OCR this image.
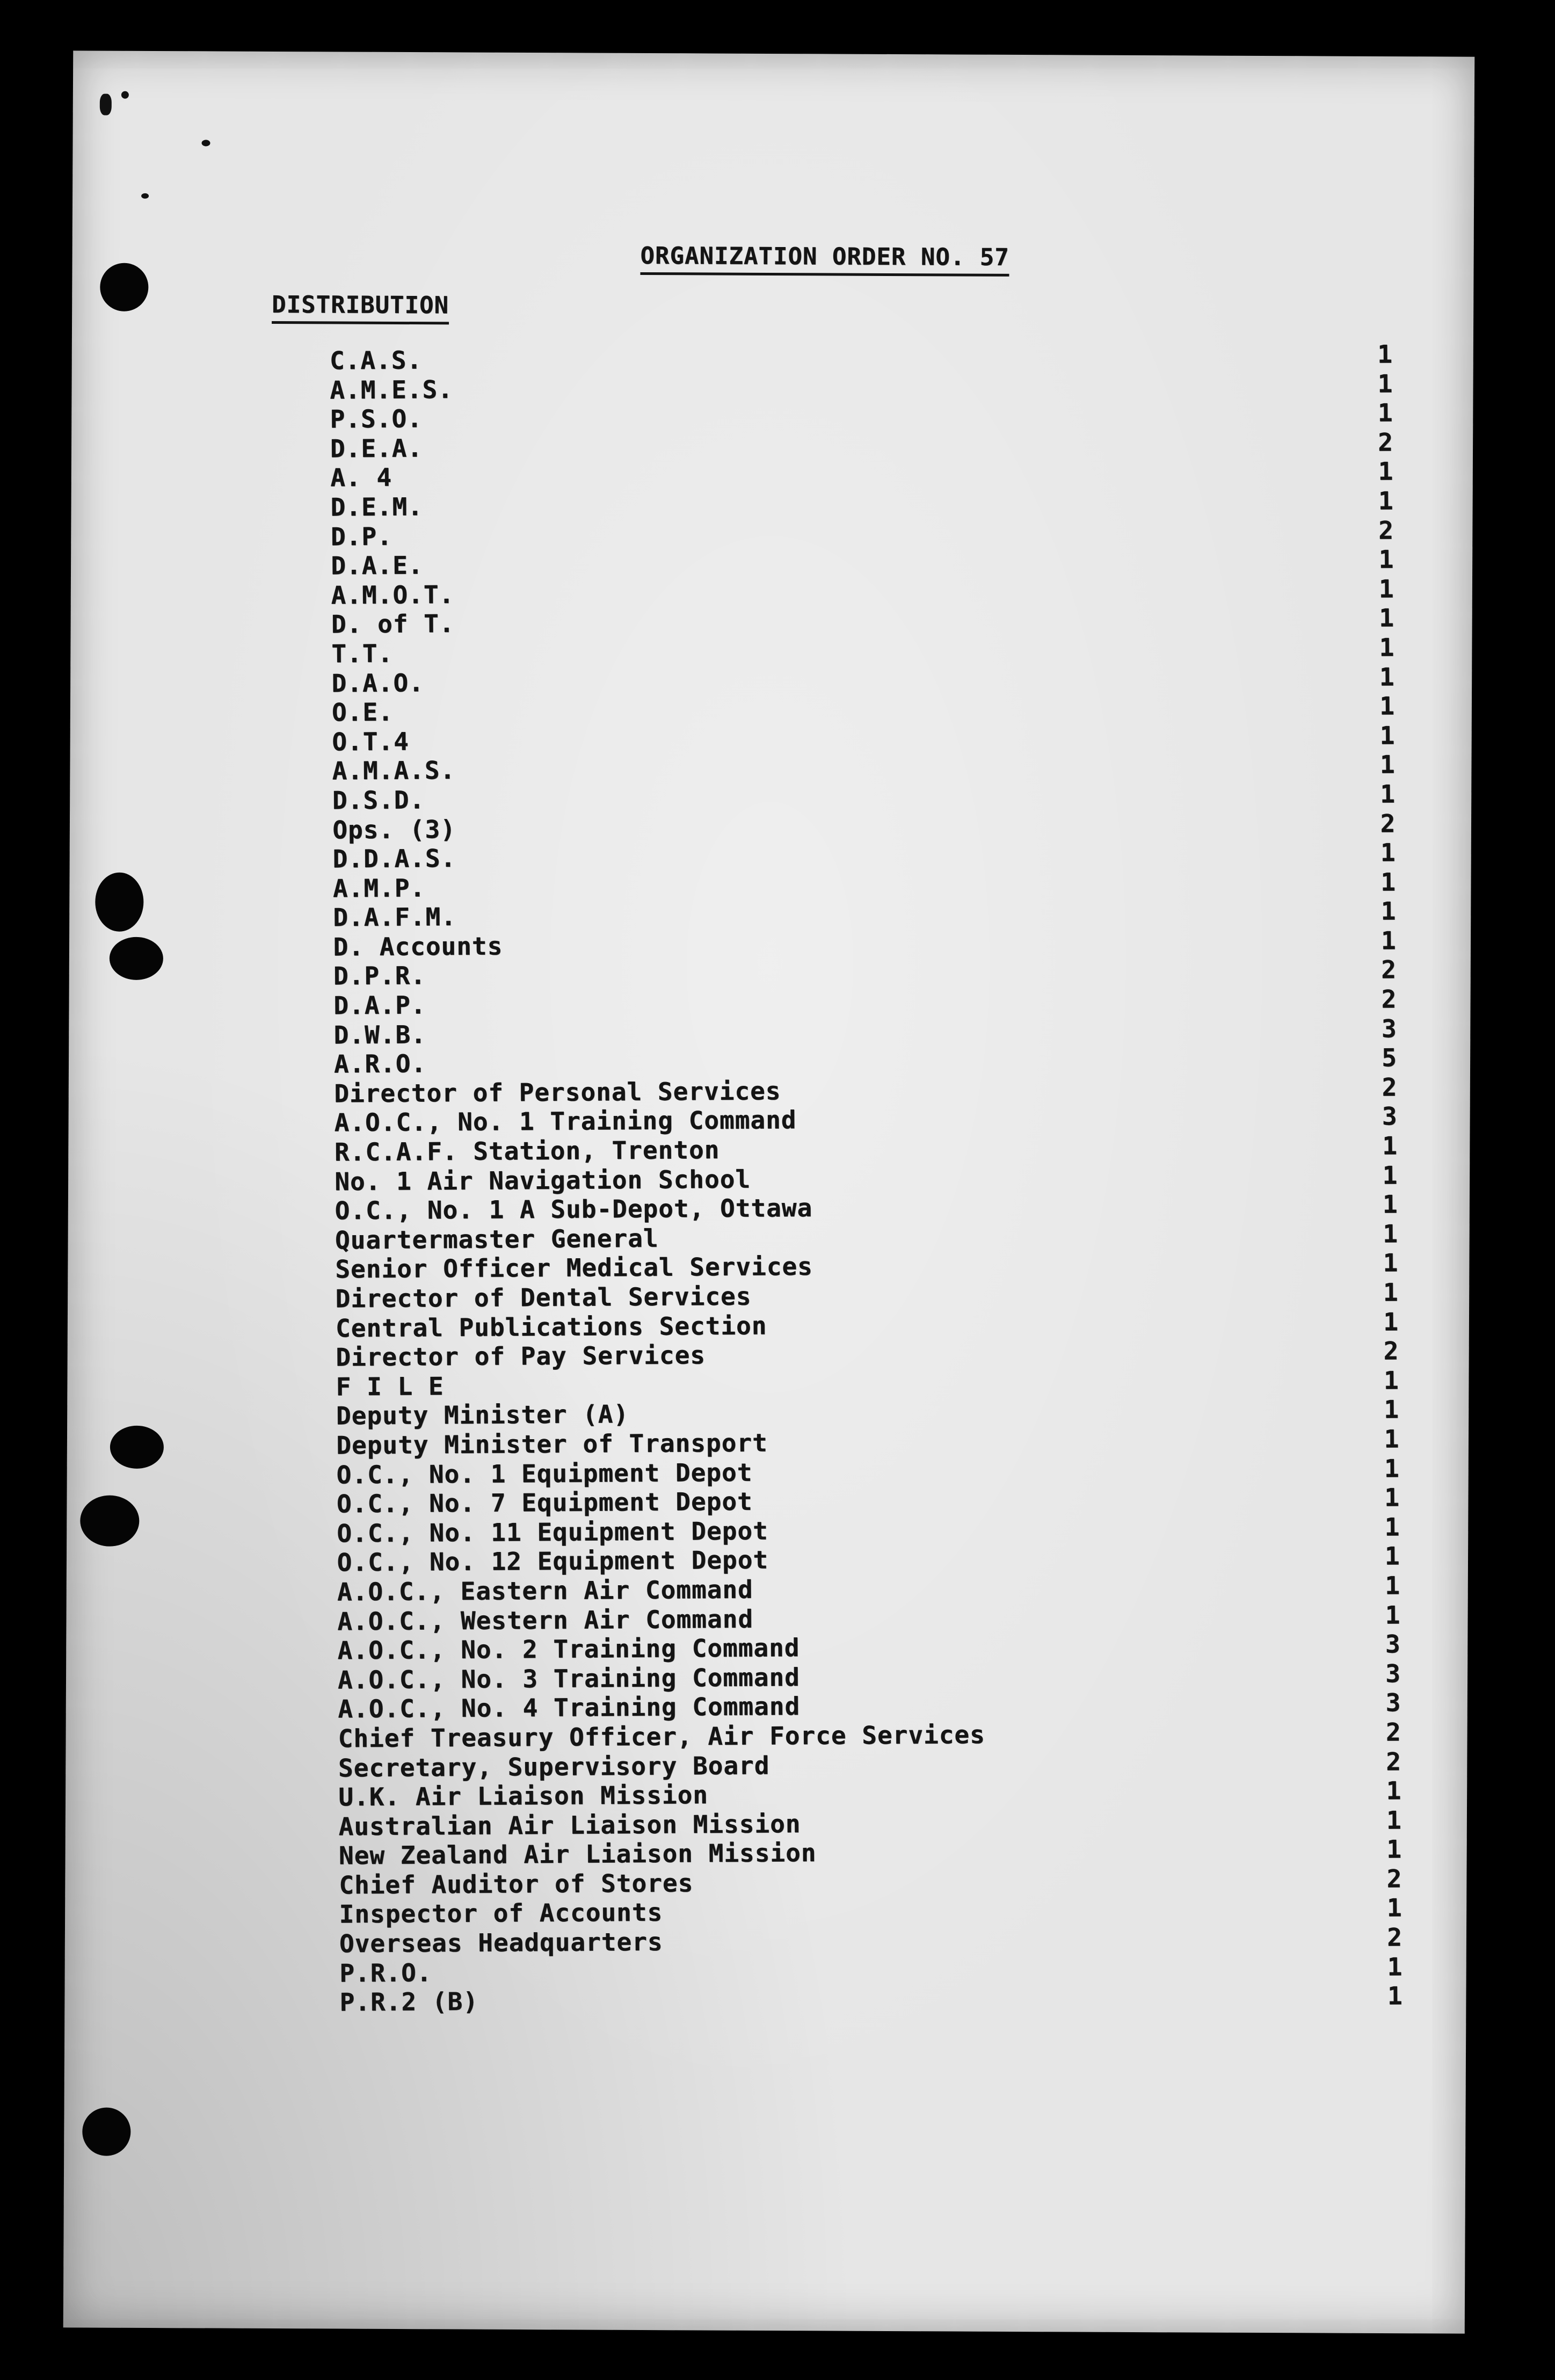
ORGANIZATION ORDER NO. 57
DISTRIBUTION
C.A.S.	1
A.M.E.S.	1
P.S.O.	1
D.E.A.	2
A. 4	1
D.E.M.	1
D.P.	2
D.A.E.	1
A.M.O.T.	1
D. of T.	1
T.T.	1
D.A.O.	1
O.E.	1
O.T.4	1
A.M.A.S.	1
D.S.D.	1
Ops. (3)	2
D.D.A.S.	1
A.M.P.	1
D.A.F.M.	1
D. Accounts	1
D.P.R.	2
D.A.P.	2
D.W.B.	3
A.R.O.	5
Director of Personal Services	2
A.O.C., No. 1 Training Command	3
R.C.A.F. Station, Trenton	1
No. 1 Air Navigation School	1
O.C., No. 1 A Sub-Depot, Ottawa	1
Quartermaster General	1
Senior Officer Medical Services	1
Director of Dental Services	1
Central Publications Section	1
Director of Pay Services	2
F I L E	1
Deputy Minister (A)	1
Deputy Minister of Transport	1
O.C., No. 1 Equipment Depot	1
O.C., No. 7 Equipment Depot	1
O.C., No. 11 Equipment Depot	1
O.C., No. 12 Equipment Depot	1
A.O.C., Eastern Air Command	1
A.O.C., Western Air Command	1
A.O.C., No. 2 Training Command	3
A.O.C., No. 3 Training Command	3
A.O.C., No. 4 Training Command	3
Chief Treasury Officer, Air Force Services	2
Secretary, Supervisory Board	2
U.K. Air Liaison Mission	1
Australian Air Liaison Mission	1
New Zealand Air Liaison Mission	1
Chief Auditor of Stores	2
Inspector of Accounts	1
Overseas Headquarters	2
P.R.O.	1
P.R.2 (B)	1
